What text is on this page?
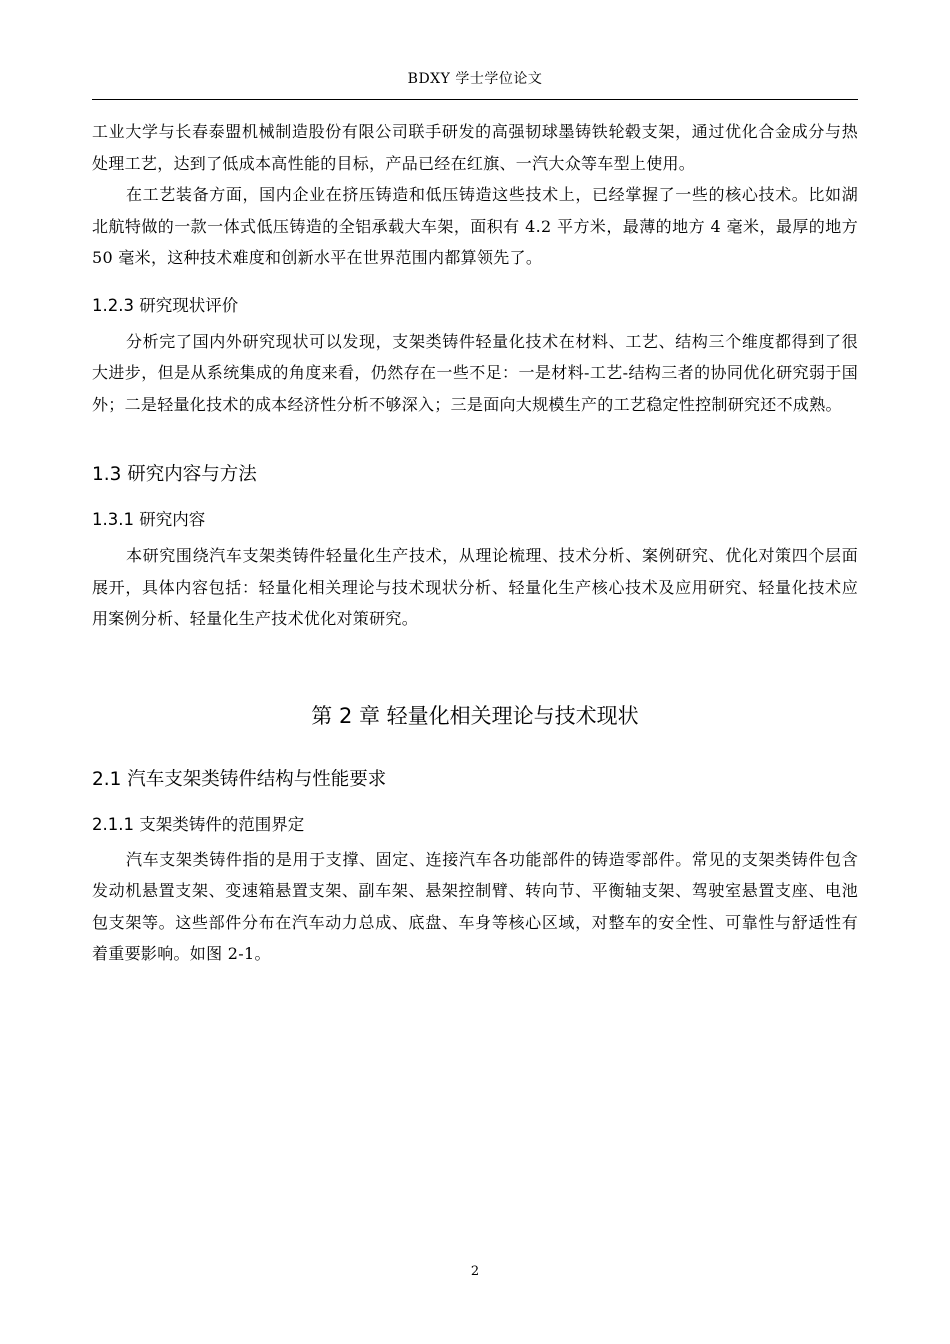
BDXY 学士学位论文

工业大学与长春泰盟机械制造股份有限公司联手研发的高强韧球墨铸铁轮毂支架，通过优化合金成分与热处理工艺，达到了低成本高性能的目标，产品已经在红旗、一汽大众等车型上使用。

在工艺装备方面，国内企业在挤压铸造和低压铸造这些技术上，已经掌握了一些的核心技术。比如湖北航特做的一款一体式低压铸造的全铝承载大车架，面积有 4.2 平方米，最薄的地方 4 毫米，最厚的地方 50 毫米，这种技术难度和创新水平在世界范围内都算领先了。

1.2.3 研究现状评价

分析完了国内外研究现状可以发现，支架类铸件轻量化技术在材料、工艺、结构三个维度都得到了很大进步，但是从系统集成的角度来看，仍然存在一些不足：一是材料-工艺-结构三者的协同优化研究弱于国外；二是轻量化技术的成本经济性分析不够深入；三是面向大规模生产的工艺稳定性控制研究还不成熟。

1.3 研究内容与方法
1.3.1 研究内容

本研究围绕汽车支架类铸件轻量化生产技术，从理论梳理、技术分析、案例研究、优化对策四个层面展开，具体内容包括：轻量化相关理论与技术现状分析、轻量化生产核心技术及应用研究、轻量化技术应用案例分析、轻量化生产技术优化对策研究。

第 2 章 轻量化相关理论与技术现状
2.1 汽车支架类铸件结构与性能要求
2.1.1 支架类铸件的范围界定

汽车支架类铸件指的是用于支撑、固定、连接汽车各功能部件的铸造零部件。常见的支架类铸件包含发动机悬置支架、变速箱悬置支架、副车架、悬架控制臂、转向节、平衡轴支架、驾驶室悬置支座、电池包支架等。这些部件分布在汽车动力总成、底盘、车身等核心区域，对整车的安全性、可靠性与舒适性有着重要影响。如图 2-1。

2
